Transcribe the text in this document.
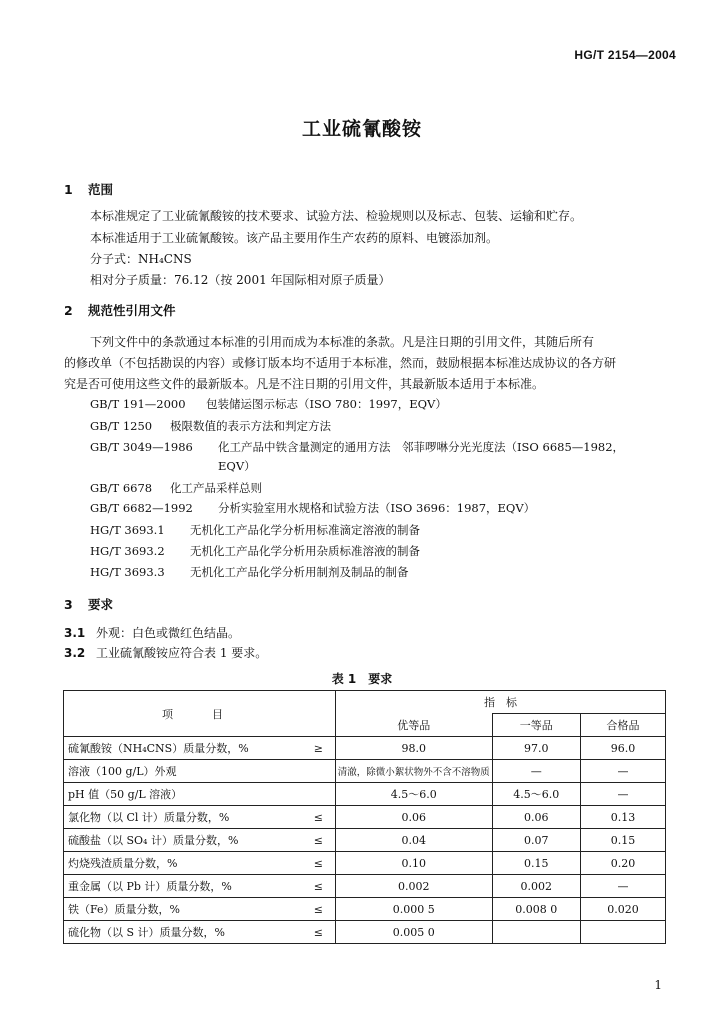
HG/T 2154—2004
工业硫氰酸铵
1 范围
本标准规定了工业硫氰酸铵的技术要求、试验方法、检验规则以及标志、包装、运输和贮存。
本标准适用于工业硫氰酸铵。该产品主要用作生产农药的原料、电镀添加剂。
分子式：NH₄CNS
相对分子质量：76.12（按 2001 年国际相对原子质量）
2 规范性引用文件
下列文件中的条款通过本标准的引用而成为本标准的条款。凡是注日期的引用文件，其随后所有
的修改单（不包括勘误的内容）或修订版本均不适用于本标准，然而，鼓励根据本标准达成协议的各方研
究是否可使用这些文件的最新版本。凡是不注日期的引用文件，其最新版本适用于本标准。
GB/T 191—2000 包装储运图示标志（ISO 780：1997，EQV）
GB/T 1250 极限数值的表示方法和判定方法
GB/T 3049—1986 化工产品中铁含量测定的通用方法　邻菲啰啉分光光度法（ISO 6685—1982，
EQV）
GB/T 6678 化工产品采样总则
GB/T 6682—1992 分析实验室用水规格和试验方法（ISO 3696：1987，EQV）
HG/T 3693.1 无机化工产品化学分析用标准滴定溶液的制备
HG/T 3693.2 无机化工产品化学分析用杂质标准溶液的制备
HG/T 3693.3 无机化工产品化学分析用制剂及制品的制备
3 要求
3.1 外观：白色或微红色结晶。
3.2 工业硫氰酸铵应符合表 1 要求。
表 1　要求
项　目		指　标		
		优等品	一等品	合格品
硫氰酸铵（NH₄CNS）质量分数，%	≥	98.0	97.0	96.0
溶液（100 g/L）外观		清澈，除微小絮状物外不含不溶物质	—	—
pH 值（50 g/L 溶液）		4.5～6.0	4.5～6.0	—
氯化物（以 Cl 计）质量分数，%	≤	0.06	0.06	0.13
硫酸盐（以 SO₄ 计）质量分数，%	≤	0.04	0.07	0.15
灼烧残渣质量分数，%	≤	0.10	0.15	0.20
重金属（以 Pb 计）质量分数，%	≤	0.002	0.002	—
铁（Fe）质量分数，%	≤	0.000 5	0.008 0	0.020
硫化物（以 S 计）质量分数，%	≤	0.005 0		
1
